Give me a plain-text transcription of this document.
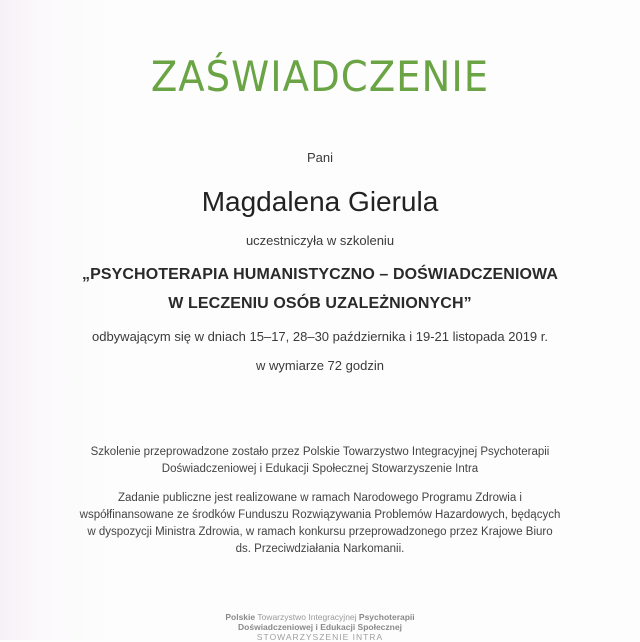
ZAŚWIADCZENIE
Pani
Magdalena Gierula
uczestniczyła w szkoleniu
„PSYCHOTERAPIA HUMANISTYCZNO – DOŚWIADCZENIOWA
W LECZENIU OSÓB UZALEŻNIONYCH”
odbywającym się w dniach 15–17, 28–30 października i 19-21 listopada 2019 r.
w wymiarze 72 godzin
Szkolenie przeprowadzone zostało przez Polskie Towarzystwo Integracyjnej Psychoterapii
Doświadczeniowej i Edukacji Społecznej Stowarzyszenie Intra
Zadanie publiczne jest realizowane w ramach Narodowego Programu Zdrowia i
współfinansowane ze środków Funduszu Rozwiązywania Problemów Hazardowych, będących
w dyspozycji Ministra Zdrowia, w ramach konkursu przeprowadzonego przez Krajowe Biuro
ds. Przeciwdziałania Narkomanii.
Polskie Towarzystwo Integracyjnej Psychoterapii
Doświadczeniowej i Edukacji Społecznej
STOWARZYSZENIE INTRA
